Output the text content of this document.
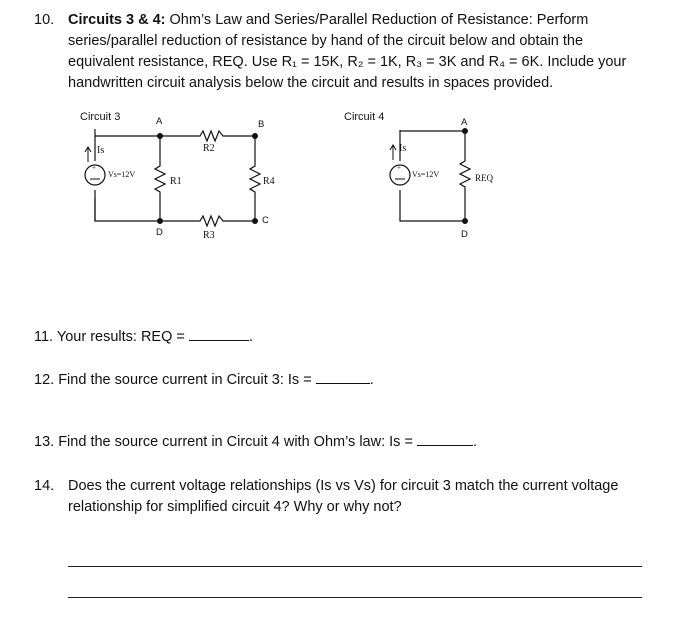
10. Circuits 3 & 4: Ohm’s Law and Series/Parallel Reduction of Resistance: Perform
series/parallel reduction of resistance by hand of the circuit below and obtain the
equivalent resistance, REQ. Use R₁ = 15K, R₂ = 1K, R₃ = 3K and R₄ = 6K. Include your
handwritten circuit analysis below the circuit and results in spaces provided.
Circuit 3	A	B
C
D
R2
R1	R4
R3
Is
Vs=12V
+
Circuit 4	A
D
REQ
Is
Vs=12V
+
11. Your results: REQ =	.
12. Find the source current in Circuit 3: Is =	.
13. Find the source current in Circuit 4 with Ohm’s law: Is =	.
14. Does the current voltage relationships (Is vs Vs) for circuit 3 match the current voltage
relationship for simplified circuit 4? Why or why not?
